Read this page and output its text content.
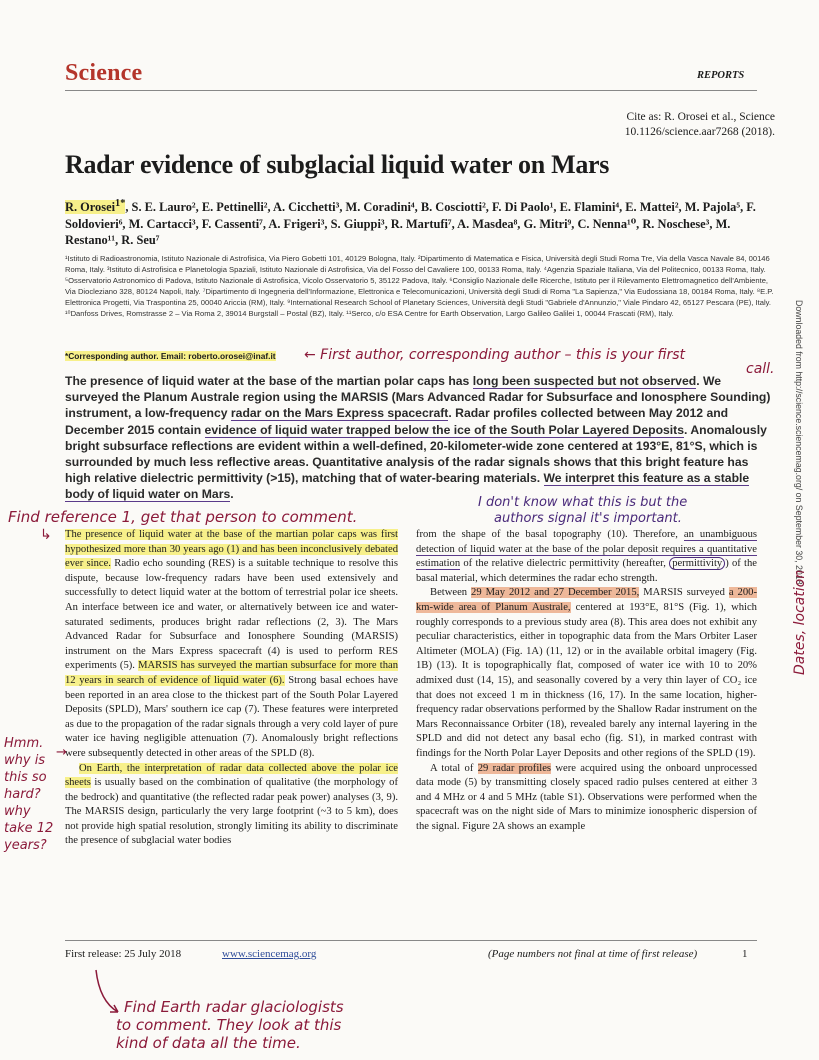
Science	REPORTS
Cite as: R. Orosei et al., Science
10.1126/science.aar7268 (2018).
Radar evidence of subglacial liquid water on Mars
R. Orosei$^{1*}$, S. E. Lauro², E. Pettinelli², A. Cicchetti³, M. Coradini⁴, B. Cosciotti², F. Di Paolo¹, E. Flamini⁴, E. Mattei², M. Pajola⁵, F. Soldovieri⁶, M. Cartacci³, F. Cassenti⁷, A. Frigeri³, S. Giuppi³, R. Martufi⁷, A. Masdea⁸, G. Mitri⁹, C. Nenna¹⁰, R. Noschese³, M. Restano¹¹, R. Seu⁷
¹Istituto di Radioastronomia, Istituto Nazionale di Astrofisica, Via Piero Gobetti 101, 40129 Bologna, Italy. ²Dipartimento di Matematica e Fisica, Università degli Studi Roma Tre, Via della Vasca Navale 84, 00146 Roma, Italy. ³Istituto di Astrofisica e Planetologia Spaziali, Istituto Nazionale di Astrofisica, Via del Fosso del Cavaliere 100, 00133 Roma, Italy. ⁴Agenzia Spaziale Italiana, Via del Politecnico, 00133 Roma, Italy. ⁵Osservatorio Astronomico di Padova, Istituto Nazionale di Astrofisica, Vicolo Osservatorio 5, 35122 Padova, Italy. ⁶Consiglio Nazionale delle Ricerche, Istituto per il Rilevamento Elettromagnetico dell'Ambiente, Via Diocleziano 328, 80124 Napoli, Italy. ⁷Dipartimento di Ingegneria dell'Informazione, Elettronica e Telecomunicazioni, Università degli Studi di Roma "La Sapienza," Via Eudossiana 18, 00184 Roma, Italy. ⁸E.P. Elettronica Progetti, Via Traspontina 25, 00040 Ariccia (RM), Italy. ⁹International Research School of Planetary Sciences, Università degli Studi "Gabriele d'Annunzio," Viale Pindaro 42, 65127 Pescara (PE), Italy. ¹⁰Danfoss Drives, Romstrasse 2 – Via Roma 2, 39014 Burgstall – Postal (BZ), Italy. ¹¹Serco, c/o ESA Centre for Earth Observation, Largo Galileo Galilei 1, 00044 Frascati (RM), Italy.
*Corresponding author. Email: roberto.orosei@inaf.it
The presence of liquid water at the base of the martian polar caps has long been suspected but not observed. We surveyed the Planum Australe region using the MARSIS (Mars Advanced Radar for Subsurface and Ionosphere Sounding) instrument, a low-frequency radar on the Mars Express spacecraft. Radar profiles collected between May 2012 and December 2015 contain evidence of liquid water trapped below the ice of the South Polar Layered Deposits. Anomalously bright subsurface reflections are evident within a well-defined, 20-kilometer-wide zone centered at 193°E, 81°S, which is surrounded by much less reflective areas. Quantitative analysis of the radar signals shows that this bright feature has high relative dielectric permittivity (>15), matching that of water-bearing materials. We interpret this feature as a stable body of liquid water on Mars.

The presence of liquid water at the base of the martian polar caps was first hypothesized more than 30 years ago (1) and has been inconclusively debated ever since. Radio echo sounding (RES) is a suitable technique to resolve this dispute, because low-frequency radars have been used extensively and successfully to detect liquid water at the bottom of terrestrial polar ice sheets. An interface between ice and water, or alternatively between ice and water-saturated sediments, produces bright radar reflections (2, 3). The Mars Advanced Radar for Subsurface and Ionosphere Sounding (MARSIS) instrument on the Mars Express spacecraft (4) is used to perform RES experiments (5). MARSIS has surveyed the martian subsurface for more than 12 years in search of evidence of liquid water (6). Strong basal echoes have been reported in an area close to the thickest part of the South Polar Layered Deposits (SPLD), Mars' southern ice cap (7). These features were interpreted as due to the propagation of the radar signals through a very cold layer of pure water ice having negligible attenuation (7). Anomalously bright reflections were subsequently detected in other areas of the SPLD (8).

On Earth, the interpretation of radar data collected above the polar ice sheets is usually based on the combination of qualitative (the morphology of the bedrock) and quantitative (the reflected radar peak power) analyses (3, 9). The MARSIS design, particularly the very large footprint (~3 to 5 km), does not provide high spatial resolution, strongly limiting its ability to discriminate the presence of subglacial water bodies

from the shape of the basal topography (10). Therefore, an unambiguous detection of liquid water at the base of the polar deposit requires a quantitative estimation of the relative dielectric permittivity (hereafter, permittivity ) of the basal material, which determines the radar echo strength.

Between 29 May 2012 and 27 December 2015, MARSIS surveyed a 200-km-wide area of Planum Australe, centered at 193°E, 81°S (Fig. 1), which roughly corresponds to a previous study area (8). This area does not exhibit any peculiar characteristics, either in topographic data from the Mars Orbiter Laser Altimeter (MOLA) (Fig. 1A) (11, 12) or in the available orbital imagery (Fig. 1B) (13). It is topographically flat, composed of water ice with 10 to 20% admixed dust (14, 15), and seasonally covered by a very thin layer of CO₂ ice that does not exceed 1 m in thickness (16, 17). In the same location, higher-frequency radar observations performed by the Shallow Radar instrument on the Mars Reconnaissance Orbiter (18), revealed barely any internal layering in the SPLD and did not detect any basal echo (fig. S1), in marked contrast with findings for the North Polar Layer Deposits and other regions of the SPLD (19).

A total of 29 radar profiles were acquired using the onboard unprocessed data mode (5) by transmitting closely spaced radio pulses centered at either 3 and 4 MHz or 4 and 5 MHz (table S1). Observations were performed when the spacecraft was on the night side of Mars to minimize ionospheric dispersion of the signal. Figure 2A shows an example

First release: 25 July 2018	www.sciencemag.org	(Page numbers not final at time of first release)	1
Downloaded from http://science.sciencemag.org/ on September 30, 2018
← First author, corresponding author – this is your first
call.
Find reference 1, get that person to comment.
↳
I don't know what this is but the
authors signal it's important.
Hmm. why is this so hard? why take 12 years?
→
Dates, location
Find Earth radar glaciologists
to comment. They look at this
kind of data all the time.
